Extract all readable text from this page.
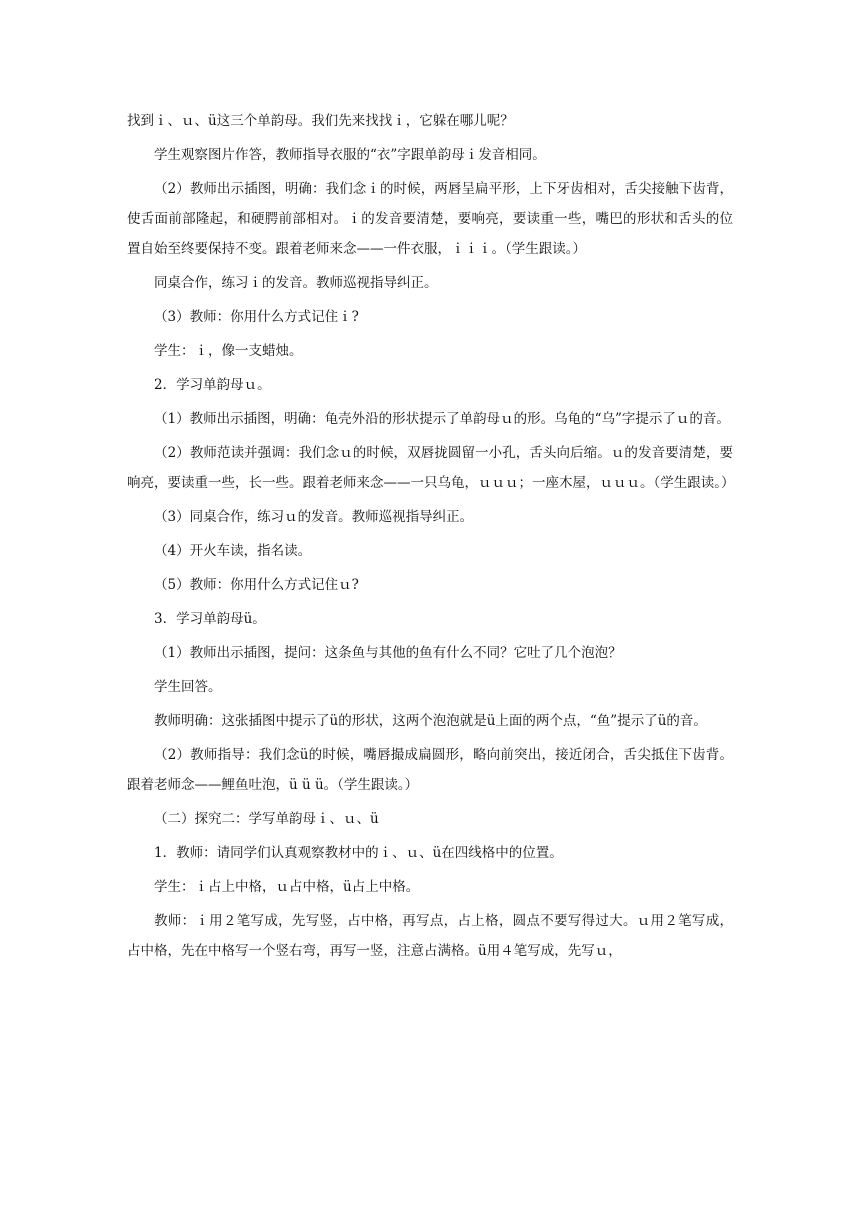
找到ｉ、ｕ、ü这三个单韵母。我们先来找找ｉ，它躲在哪儿呢？

学生观察图片作答，教师指导衣服的“衣”字跟单韵母ｉ发音相同。

（2）教师出示插图，明确：我们念ｉ的时候，两唇呈扁平形，上下牙齿相对，舌尖接触下齿背，使舌面前部隆起，和硬腭前部相对。ｉ的发音要清楚，要响亮，要读重一些，嘴巴的形状和舌头的位置自始至终要保持不变。跟着老师来念——一件衣服，ｉｉｉ。（学生跟读。）

同桌合作，练习ｉ的发音。教师巡视指导纠正。

（3）教师：你用什么方式记住ｉ?

学生：ｉ，像一支蜡烛。

2．学习单韵母ｕ。

（1）教师出示插图，明确：龟壳外沿的形状提示了单韵母ｕ的形。乌龟的“乌”字提示了ｕ的音。

（2）教师范读并强调：我们念ｕ的时候，双唇拢圆留一小孔，舌头向后缩。ｕ的发音要清楚，要响亮，要读重一些，长一些。跟着老师来念——一只乌龟，ｕｕｕ；一座木屋，ｕｕｕ。（学生跟读。）

（3）同桌合作，练习ｕ的发音。教师巡视指导纠正。

（4）开火车读，指名读。

（5）教师：你用什么方式记住ｕ?

3．学习单韵母ü。

（1）教师出示插图，提问：这条鱼与其他的鱼有什么不同？它吐了几个泡泡？

学生回答。

教师明确：这张插图中提示了ü的形状，这两个泡泡就是ü上面的两个点，“鱼”提示了ü的音。

（2）教师指导：我们念ü的时候，嘴唇撮成扁圆形，略向前突出，接近闭合，舌尖抵住下齿背。跟着老师念——鲤鱼吐泡，ü ü ü。（学生跟读。）

（二）探究二：学写单韵母ｉ、ｕ、ü

1．教师：请同学们认真观察教材中的ｉ、ｕ、ü在四线格中的位置。

学生：ｉ占上中格，ｕ占中格，ü占上中格。

教师：ｉ用２笔写成，先写竖，占中格，再写点，占上格，圆点不要写得过大。ｕ用２笔写成，占中格，先在中格写一个竖右弯，再写一竖，注意占满格。ü用４笔写成，先写ｕ，
